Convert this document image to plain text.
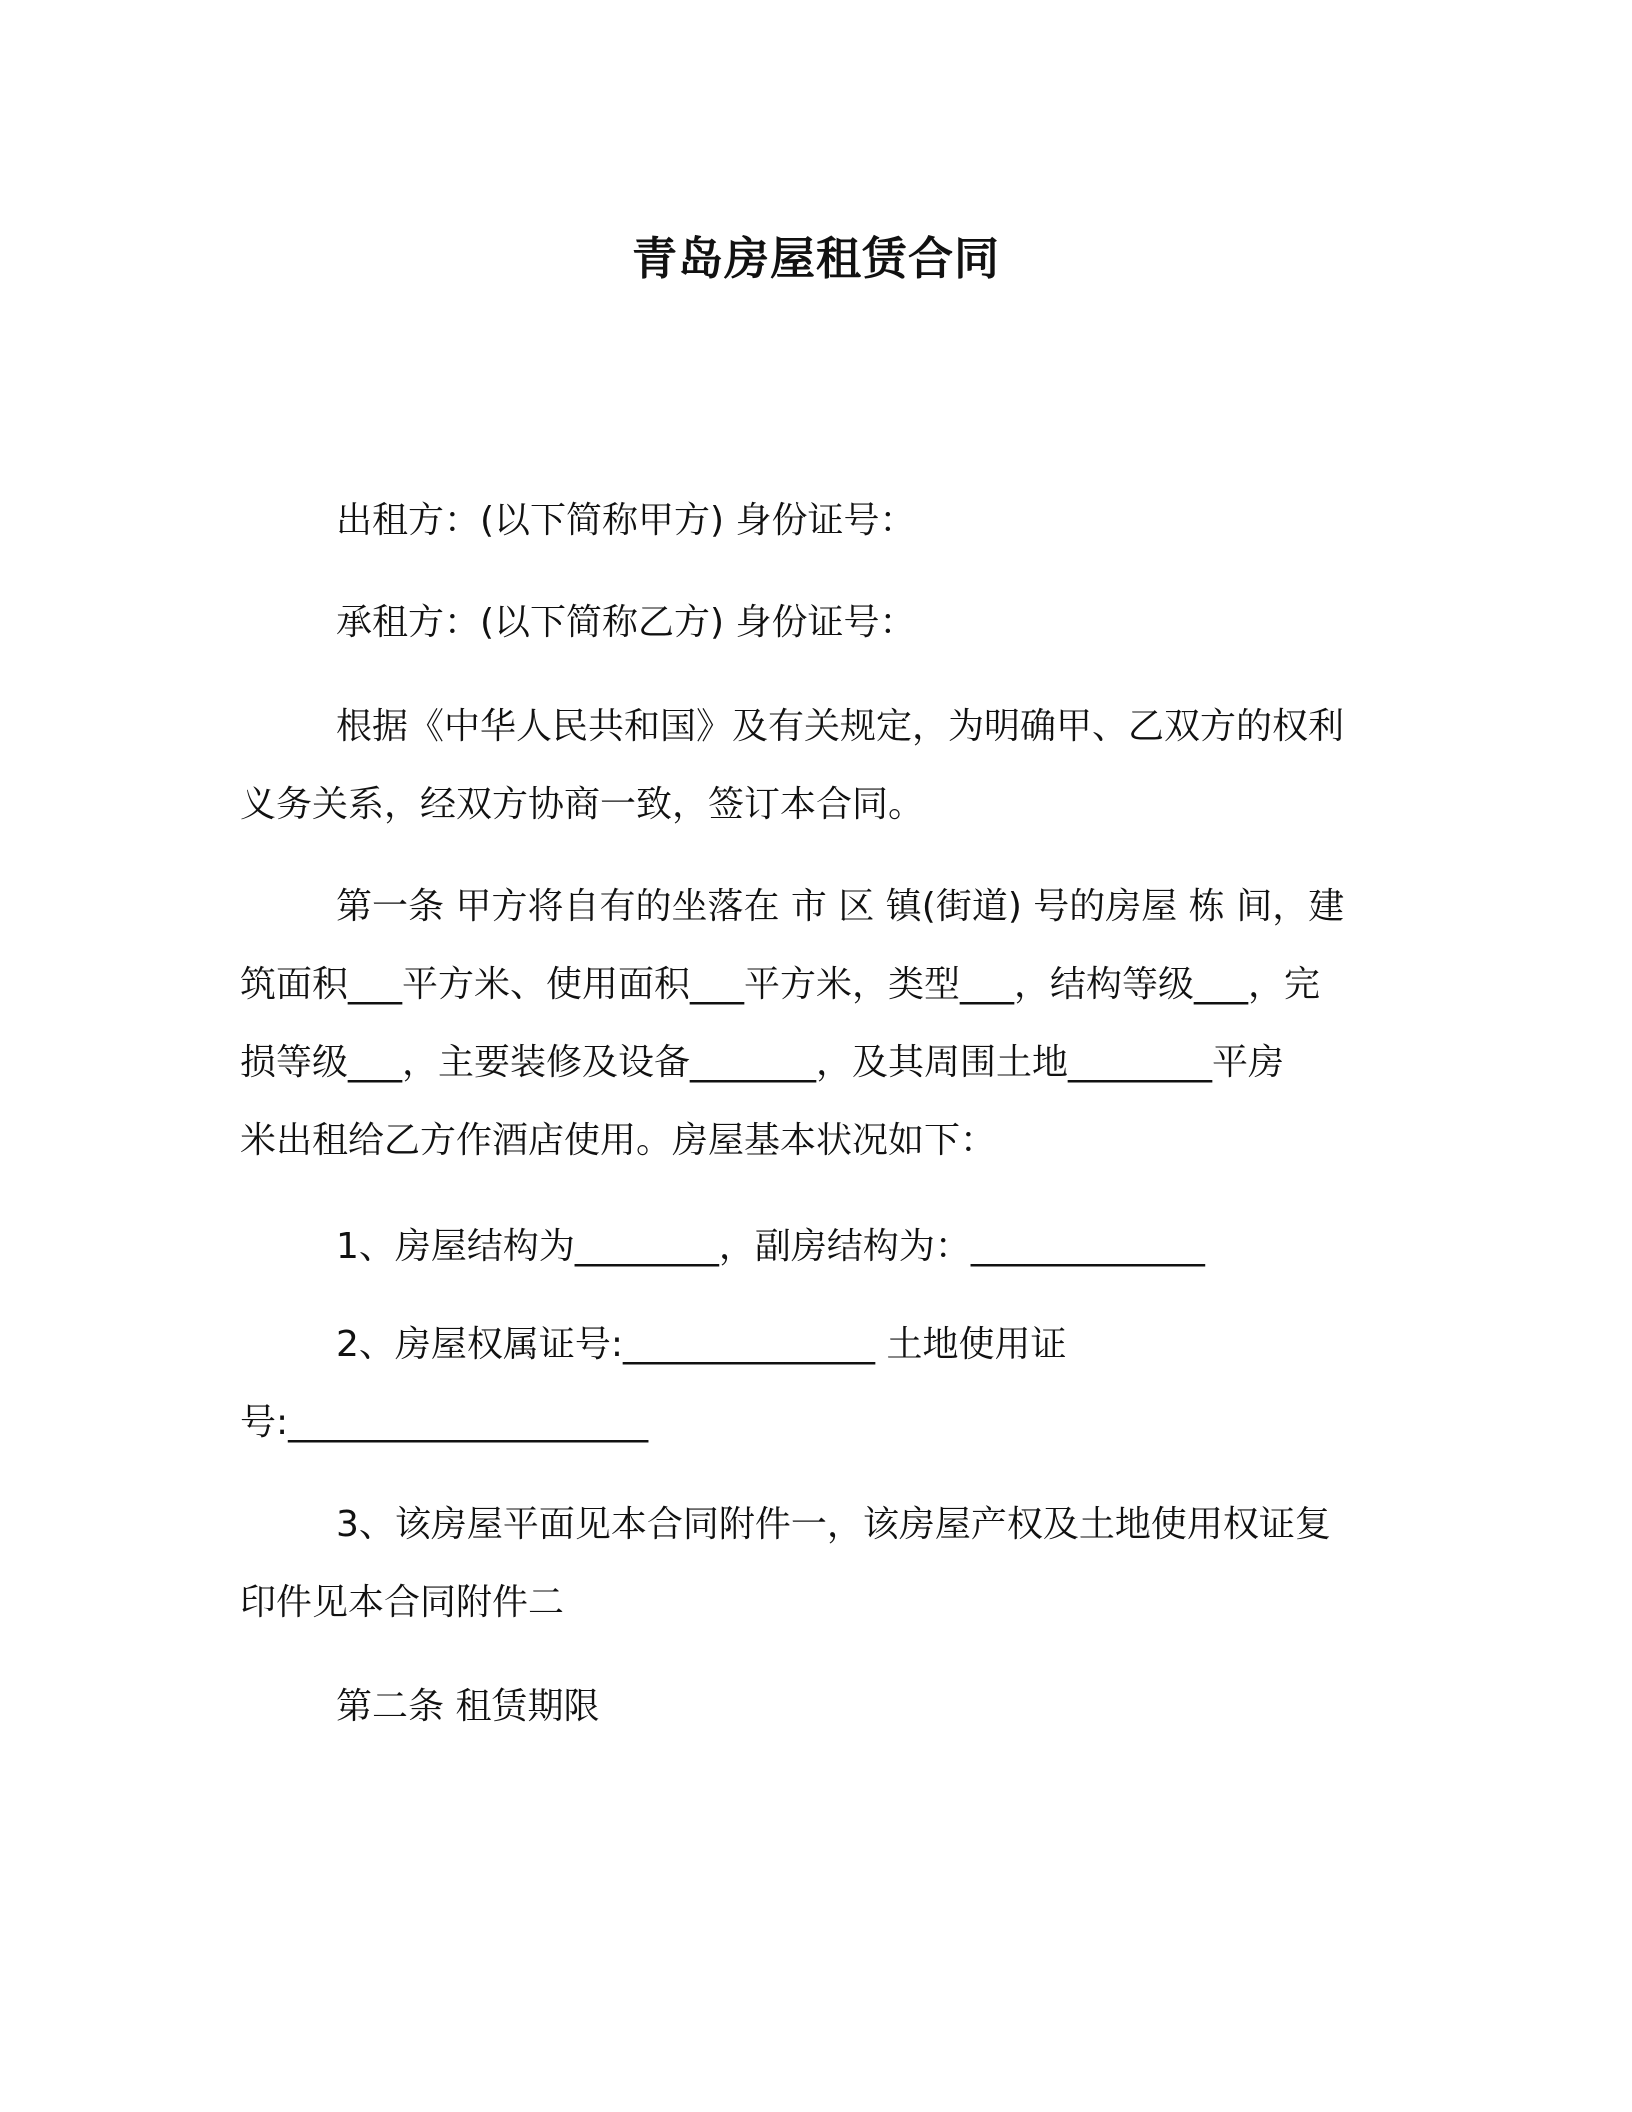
青岛房屋租赁合同
出租方：(以下简称甲方) 身份证号：
承租方：(以下简称乙方) 身份证号：
根据《中华人民共和国》及有关规定，为明确甲、乙双方的权利
义务关系，经双方协商一致，签订本合同。
第一条 甲方将自有的坐落在 市 区 镇(街道) 号的房屋 栋 间，建
筑面积___平方米、使用面积___平方米，类型___，结构等级___，完
损等级___，主要装修及设备_______，及其周围土地________平房
米出租给乙方作酒店使用。房屋基本状况如下：
1、房屋结构为________，副房结构为：_____________
2、房屋权属证号:______________ 土地使用证
号:____________________
3、该房屋平面见本合同附件一，该房屋产权及土地使用权证复
印件见本合同附件二
第二条 租赁期限
